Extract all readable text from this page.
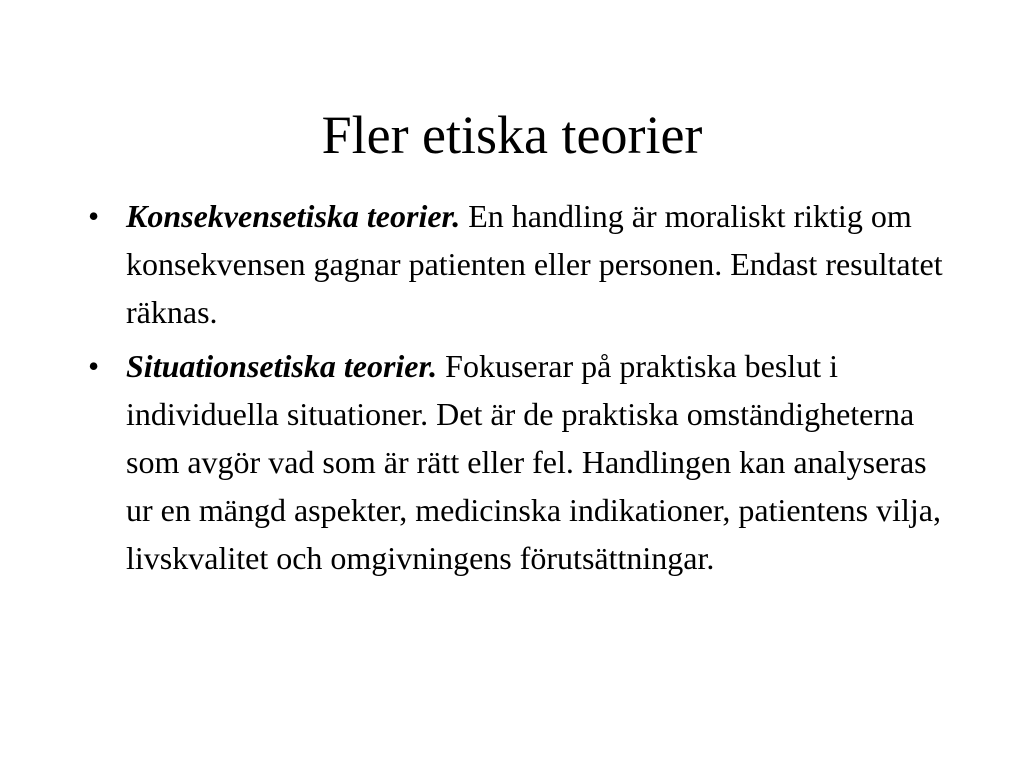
Fler etiska teorier
• Konsekvensetiska teorier. En handling är moraliskt riktig om konsekvensen gagnar patienten eller personen. Endast resultatet räknas.
• Situationsetiska teorier. Fokuserar på praktiska beslut i individuella situationer. Det är de praktiska omständigheterna som avgör vad som är rätt eller fel. Handlingen kan analyseras ur en mängd aspekter, medicinska indikationer, patientens vilja, livskvalitet och omgivningens förutsättningar.
